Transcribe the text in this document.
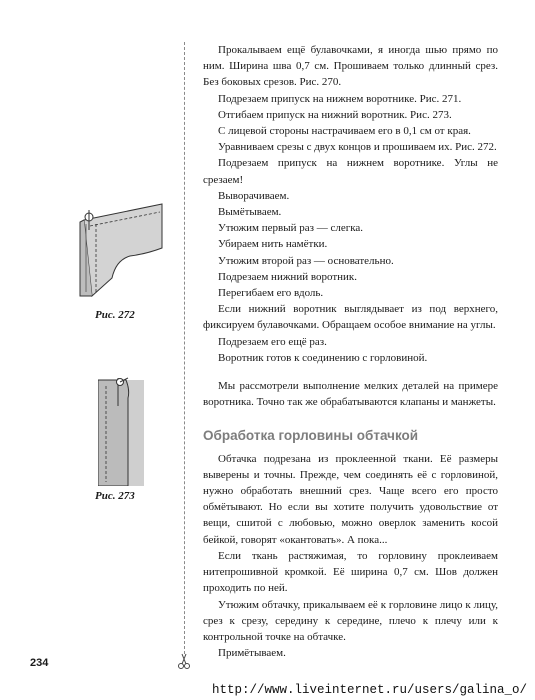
Рис. 272
Рис. 273

Прокалываем ещё булавочками, я иногда шью прямо по ним. Ширина шва 0,7 см. Прошиваем только длинный срез. Без боковых срезов. Рис. 270.

Подрезаем припуск на нижнем воротнике. Рис. 271.

Отгибаем припуск на нижний воротник. Рис. 273.

С лицевой стороны настрачиваем его в 0,1 см от края.

Уравниваем срезы с двух концов и прошиваем их. Рис. 272.

Подрезаем припуск на нижнем воротнике. Углы не срезаем!

Выворачиваем.

Вымётываем.

Утюжим первый раз — слегка.

Убираем нить намётки.

Утюжим второй раз — основательно.

Подрезаем нижний воротник.

Перегибаем его вдоль.

Если нижний воротник выглядывает из под верхнего, фиксируем булавочками. Обращаем особое внимание на углы.

Подрезаем его ещё раз.

Воротник готов к соединению с горловиной.

Мы рассмотрели выполнение мелких деталей на примере воротника. Точно так же обрабатываются клапаны и манжеты.

Обработка горловины обтачкой

Обтачка подрезана из проклеенной ткани. Её размеры выверены и точны. Прежде, чем соединять её с горловиной, нужно обработать внешний срез. Чаще всего его просто обмётывают. Но если вы хотите получить удовольствие от вещи, сшитой с любовью, можно оверлок заменить косой бейкой, говорят «окантовать». А пока...

Если ткань растяжимая, то горловину проклеиваем нитепрошивной кромкой. Её ширина 0,7 см. Шов должен проходить по ней.

Утюжим обтачку, прикалываем её к горловине лицо к лицу, срез к срезу, середину к середине, плечо к плечу или к контрольной точке на обтачке.

Примётываем.

234
http://www.liveinternet.ru/users/galina_o/
